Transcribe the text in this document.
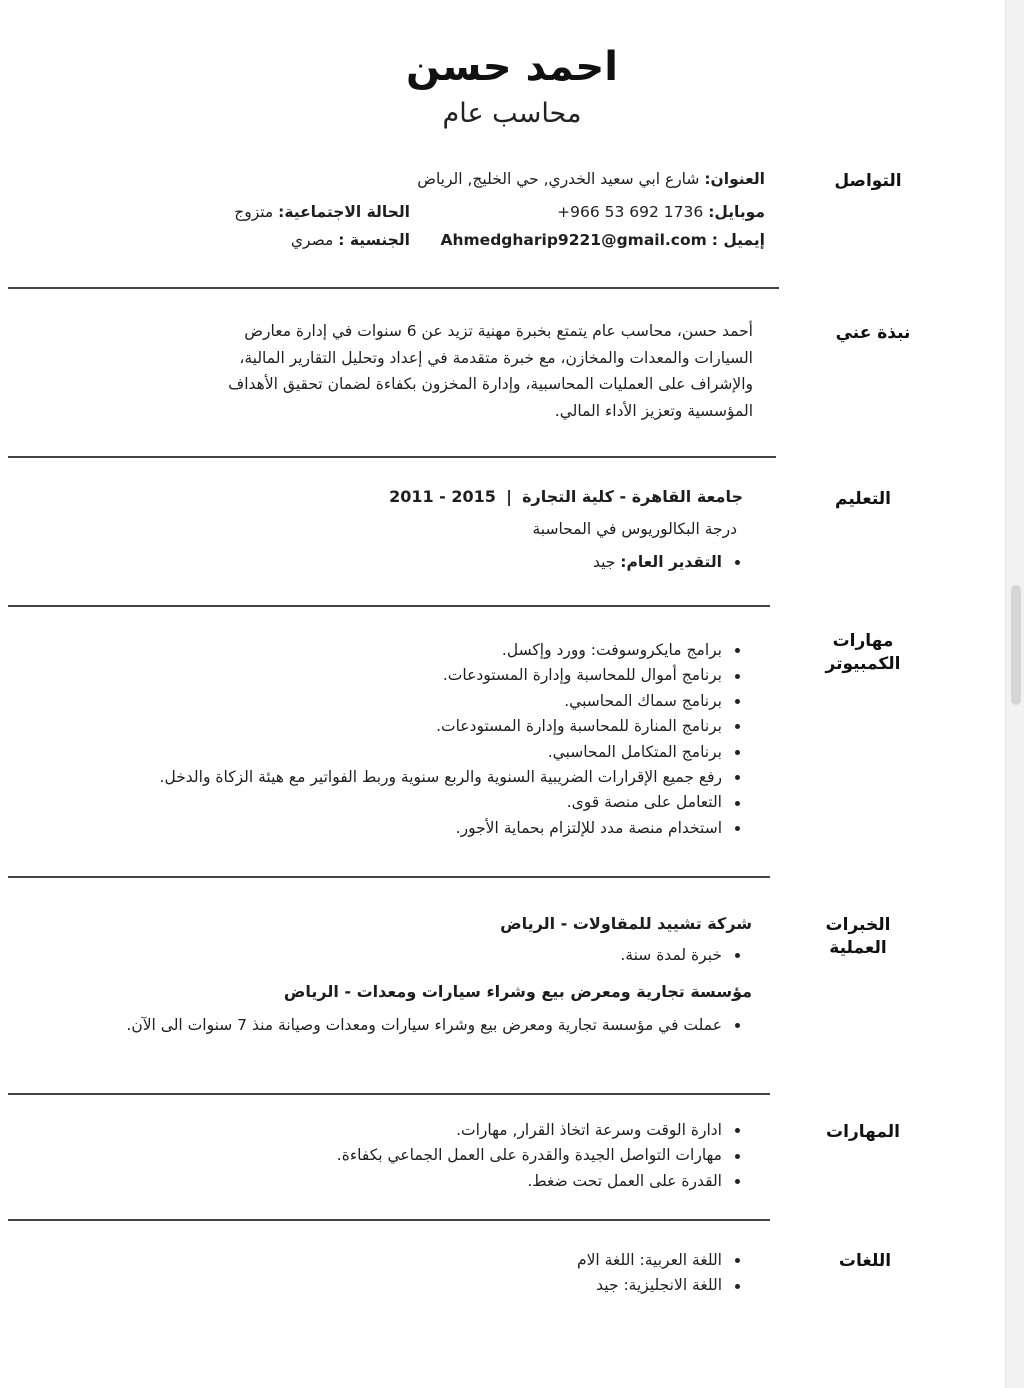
احمد حسن
محاسب عام
التواصل
العنوان: شارع ابي سعيد الخدري, حي الخليج, الرياض
موبايل: +966 53 692 1736
إيميل : Ahmedgharip9221@gmail.com
الحالة الاجتماعية: متزوج
الجنسية : مصري
نبذة عني
أحمد حسن، محاسب عام يتمتع بخبرة مهنية تزيد عن 6 سنوات في إدارة معارض
السيارات والمعدات والمخازن، مع خبرة متقدمة في إعداد وتحليل التقارير المالية،
والإشراف على العمليات المحاسبية، وإدارة المخزون بكفاءة لضمان تحقيق الأهداف
المؤسسية وتعزيز الأداء المالي.
التعليم
جامعة القاهرة - كلية التجارة  |  2011 - 2015
درجة البكالوريوس في المحاسبة
التقدير العام: جيد
مهارات
الكمبيوتر
برامج مايكروسوفت: وورد وإكسل.
برنامج أموال للمحاسبة وإدارة المستودعات.
برنامج سماك المحاسبي.
برنامج المنارة للمحاسبة وإدارة المستودعات.
برنامج المتكامل المحاسبي.
رفع جميع الإقرارات الضريبية السنوية والربع سنوية وربط الفواتير مع هيئة الزكاة والدخل.
التعامل على منصة قوى.
استخدام منصة مدد للإلتزام بحماية الأجور.
الخبرات العملية
شركة تشييد للمقاولات - الرياض
خبرة لمدة سنة.
مؤسسة تجارية ومعرض بيع وشراء سيارات ومعدات - الرياض
عملت في مؤسسة تجارية ومعرض بيع وشراء سيارات ومعدات وصيانة منذ 7 سنوات الى الآن.
المهارات
ادارة الوقت وسرعة اتخاذ القرار, مهارات.
مهارات التواصل الجيدة والقدرة على العمل الجماعي بكفاءة.
القدرة على العمل تحت ضغط.
اللغات
اللغة العربية: اللغة الام
اللغة الانجليزية: جيد
